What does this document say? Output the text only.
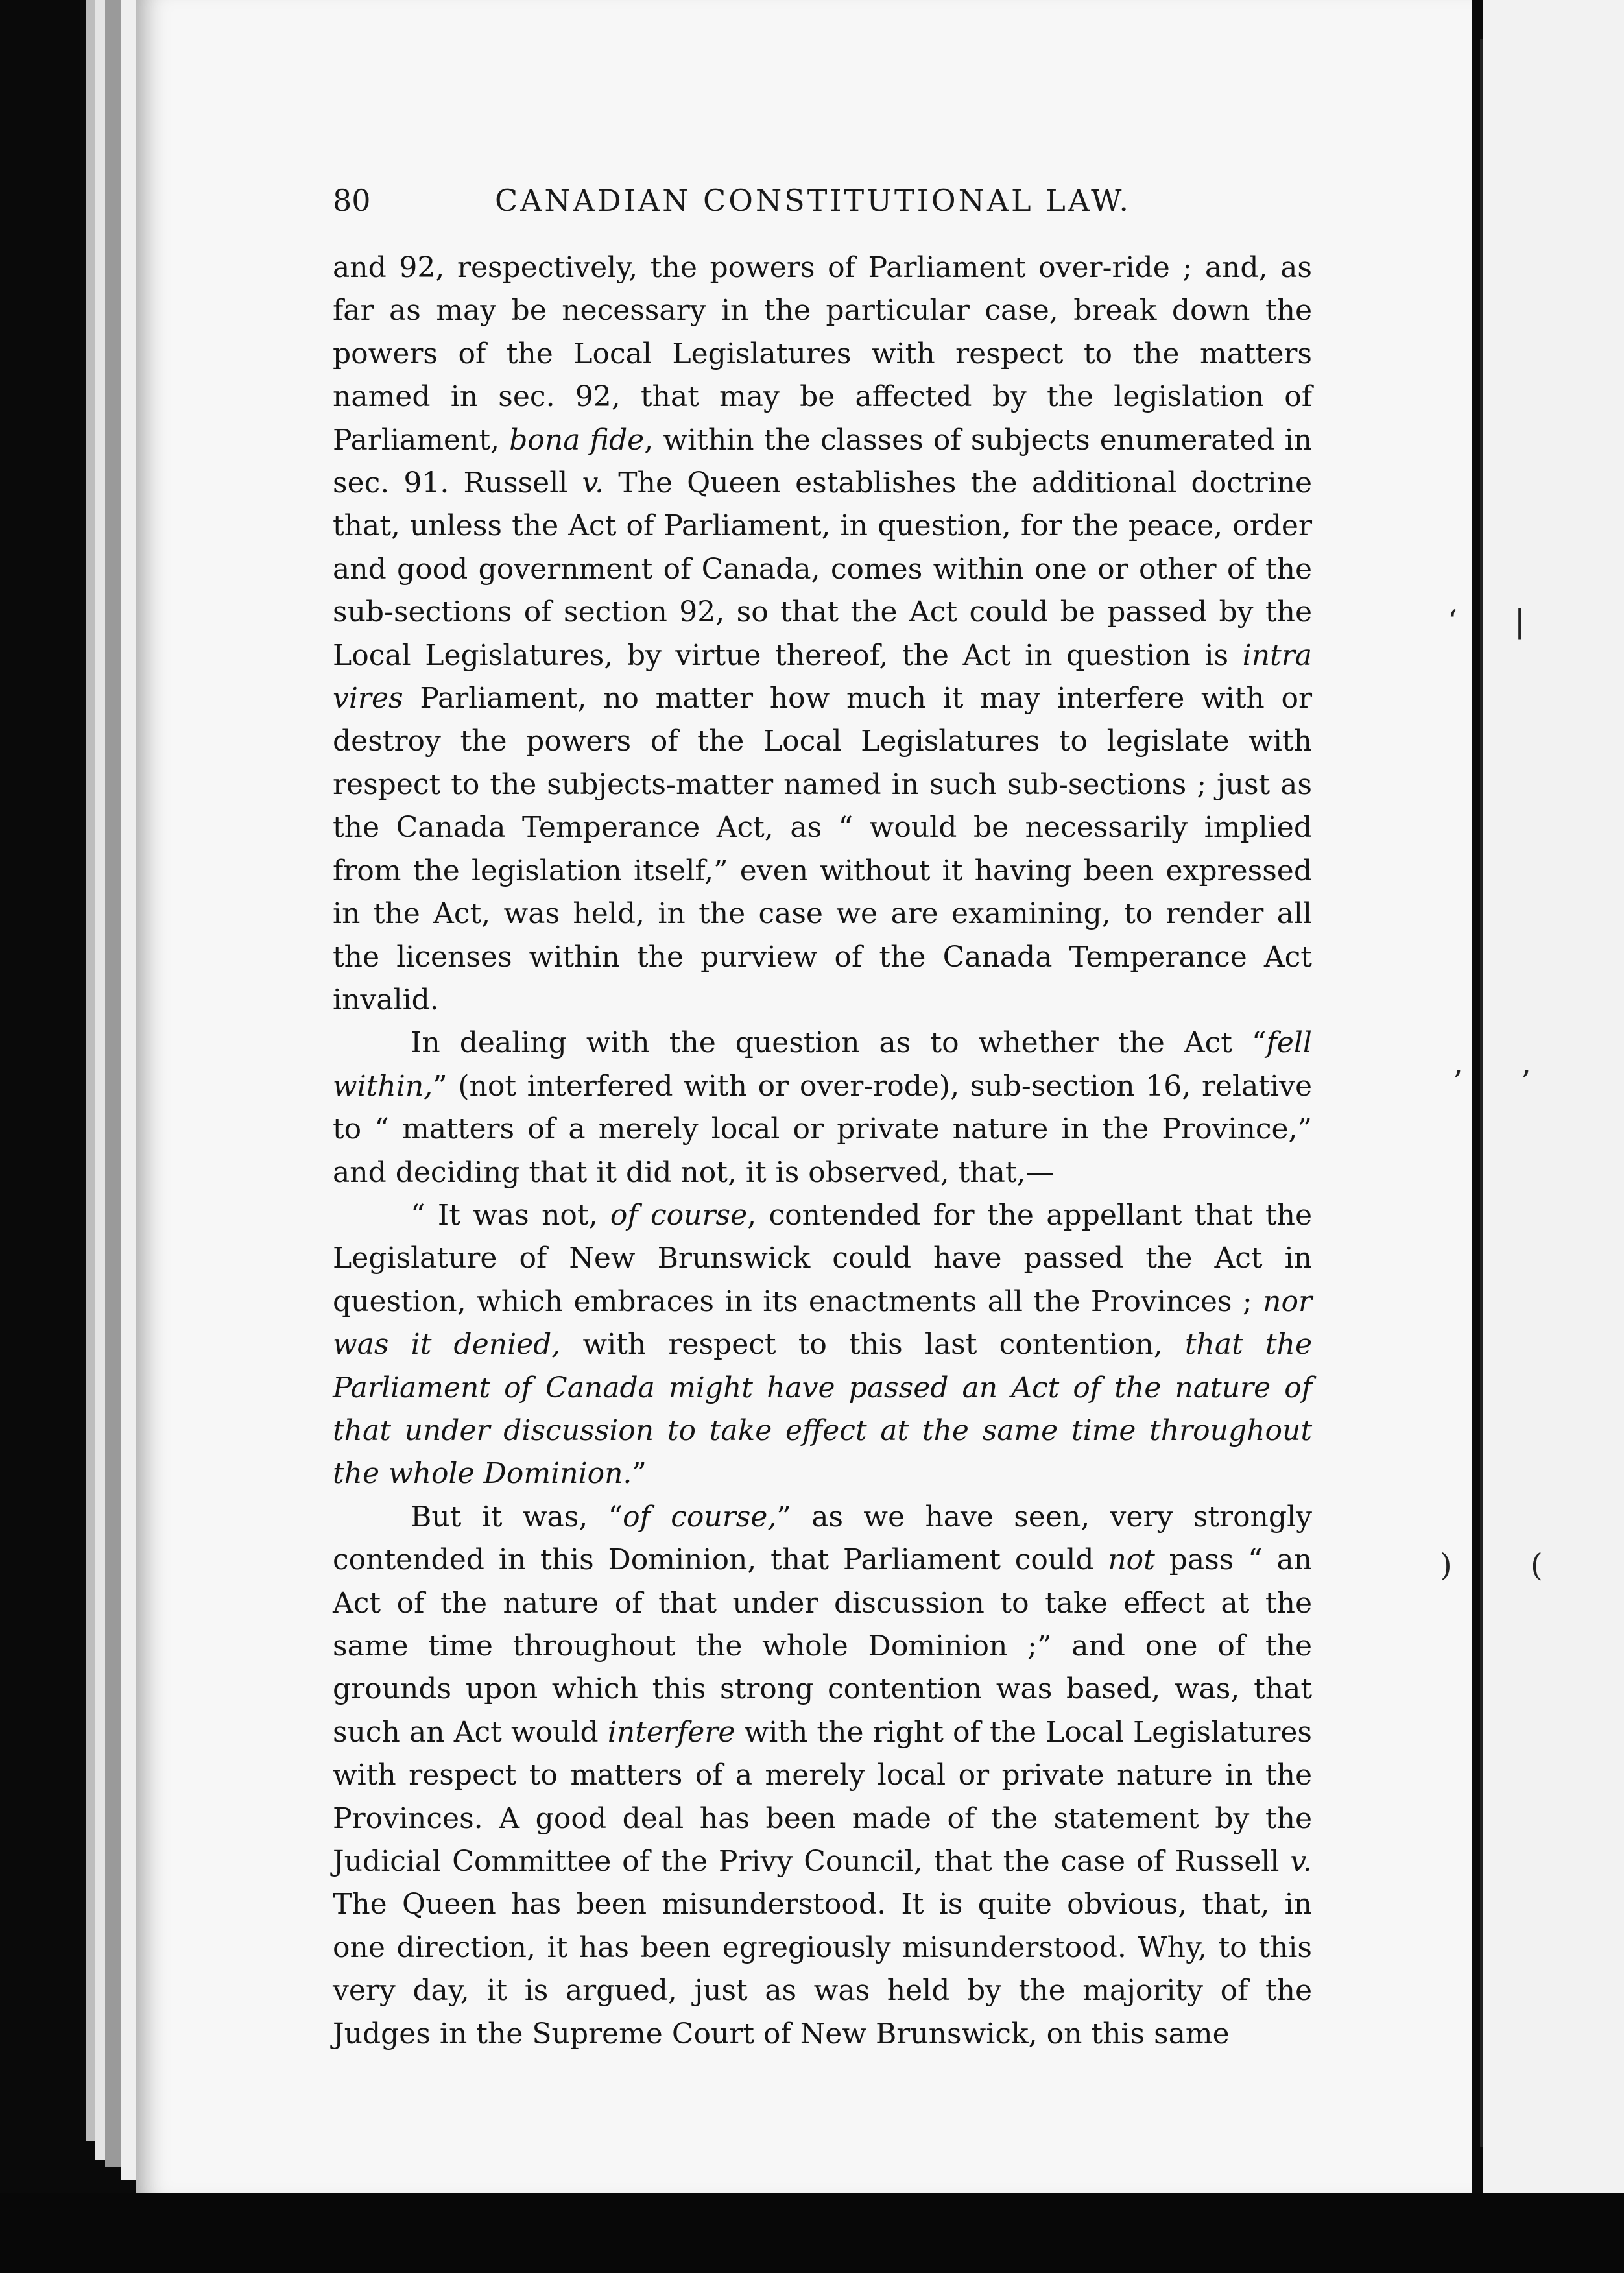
‘ |
’ ’
)	(
80	CANADIAN CONSTITUTIONAL LAW.

and 92, respectively, the powers of Parliament over-ride ; and, as far as may be necessary in the particular case, break down the powers of the Local Legislatures with respect to the matters named in sec. 92, that may be affected by the legislation of Parliament, bona fide, within the classes of subjects enumerated in sec. 91. Russell v. The Queen establishes the additional doctrine that, unless the Act of Parliament, in question, for the peace, order and good government of Canada, comes within one or other of the sub-sections of section 92, so that the Act could be passed by the Local Legislatures, by virtue thereof, the Act in question is intra vires Parliament, no matter how much it may interfere with or destroy the powers of the Local Legislatures to legislate with respect to the subjects-matter named in such sub-sections ; just as the Canada Temperance Act, as “ would be necessarily implied from the legislation itself,” even without it having been expressed in the Act, was held, in the case we are examining, to render all the licenses within the purview of the Canada Temperance Act invalid.

In dealing with the question as to whether the Act “fell within,” (not interfered with or over-rode), sub-section 16, relative to “ matters of a merely local or private nature in the Province,” and deciding that it did not, it is observed, that,—

“ It was not, of course, contended for the appellant that the Legislature of New Brunswick could have passed the Act in question, which embraces in its enactments all the Provinces ; nor was it denied, with respect to this last contention, that the Parliament of Canada might have passed an Act of the nature of that under discussion to take effect at the same time throughout the whole Dominion.”

But it was, “of course,” as we have seen, very strongly contended in this Dominion, that Parliament could not pass “ an Act of the nature of that under discussion to take effect at the same time throughout the whole Dominion ;” and one of the grounds upon which this strong contention was based, was, that such an Act would interfere with the right of the Local Legislatures with respect to matters of a merely local or private nature in the Provinces. A good deal has been made of the statement by the Judicial Committee of the Privy Council, that the case of Russell v. The Queen has been misunderstood. It is quite obvious, that, in one direction, it has been egregiously misunderstood. Why, to this very day, it is argued, just as was held by the majority of the Judges in the Supreme Court of New Brunswick, on this same
